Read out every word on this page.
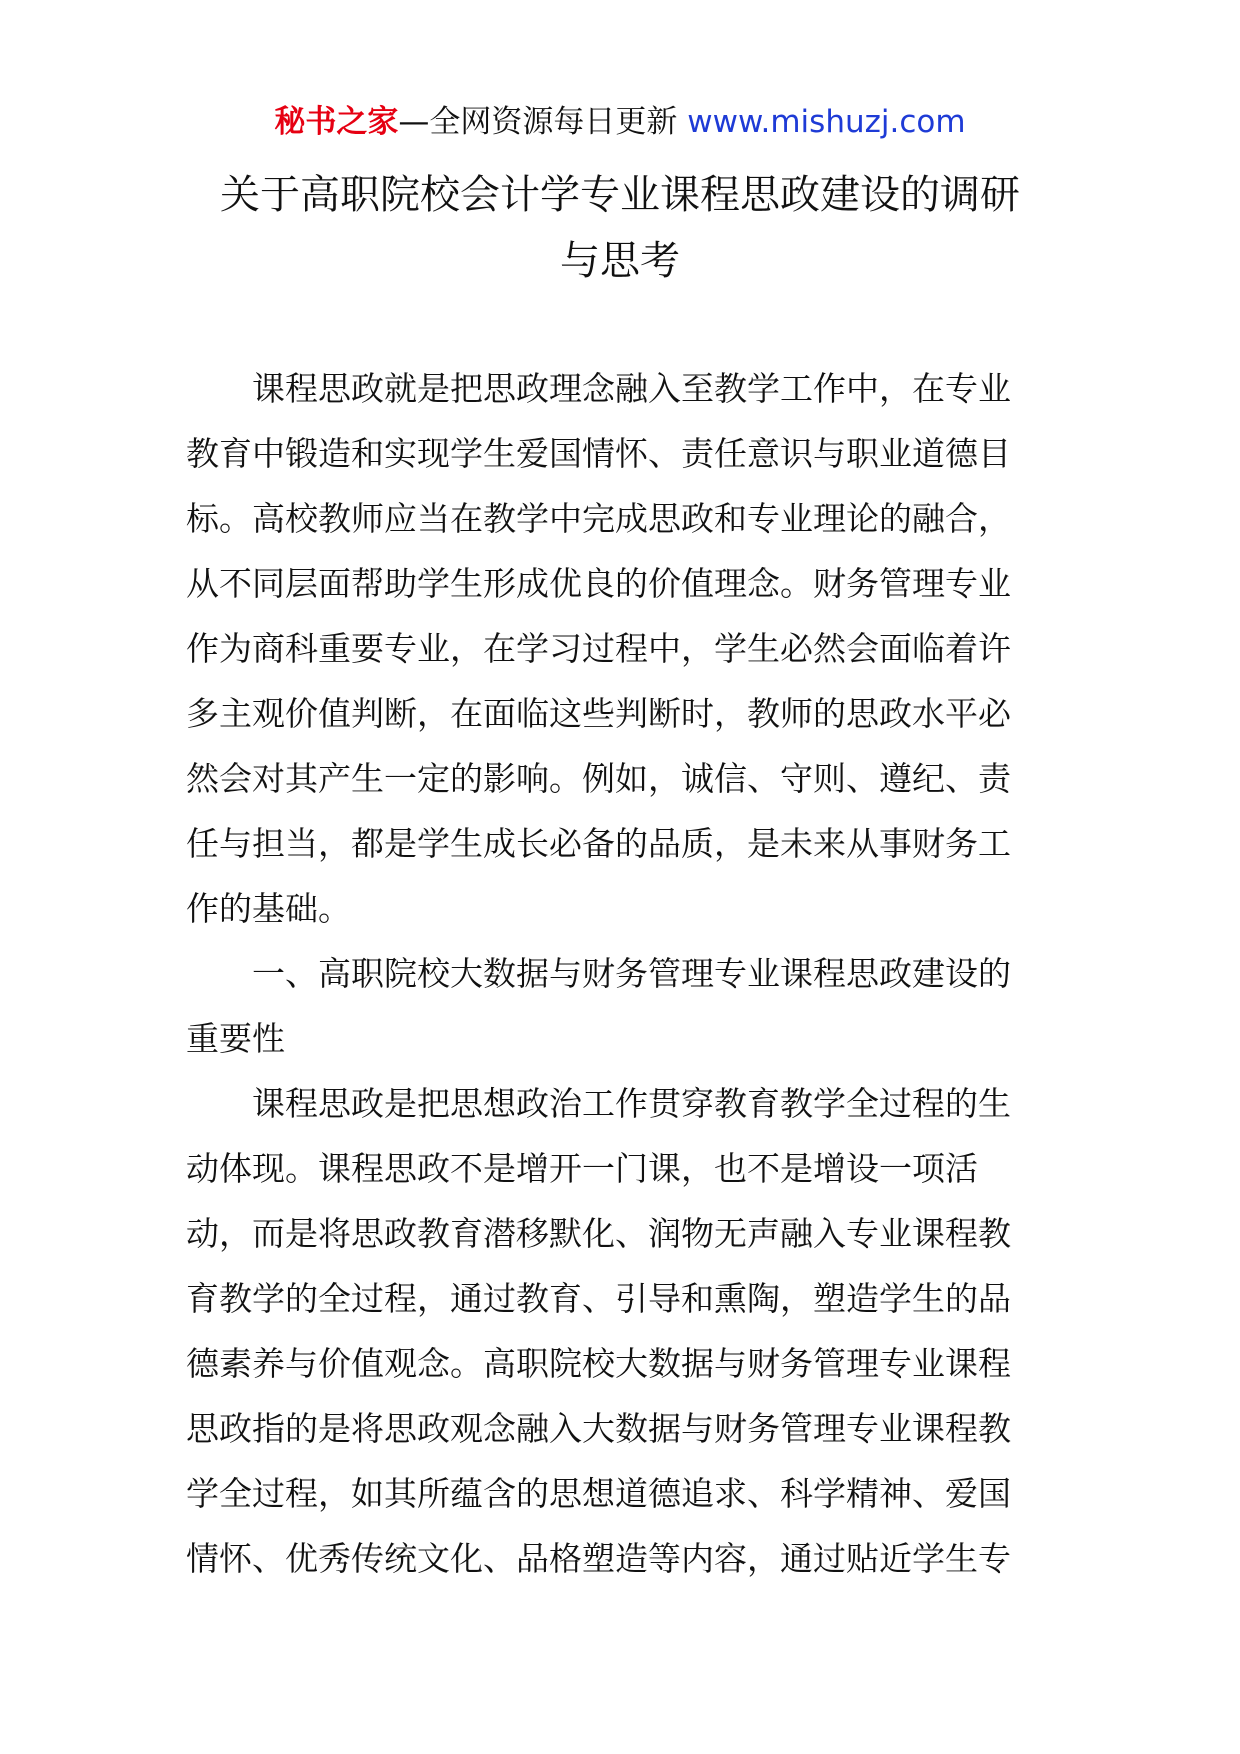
秘书之家—全网资源每日更新 www.mishuzj.com
关于高职院校会计学专业课程思政建设的调研
与思考
课程思政就是把思政理念融入至教学工作中，在专业
教育中锻造和实现学生爱国情怀、责任意识与职业道德目
标。高校教师应当在教学中完成思政和专业理论的融合，
从不同层面帮助学生形成优良的价值理念。财务管理专业
作为商科重要专业，在学习过程中，学生必然会面临着许
多主观价值判断，在面临这些判断时，教师的思政水平必
然会对其产生一定的影响。例如，诚信、守则、遵纪、责
任与担当，都是学生成长必备的品质，是未来从事财务工
作的基础。
一、高职院校大数据与财务管理专业课程思政建设的
重要性
课程思政是把思想政治工作贯穿教育教学全过程的生
动体现。课程思政不是增开一门课，也不是增设一项活
动，而是将思政教育潜移默化、润物无声融入专业课程教
育教学的全过程，通过教育、引导和熏陶，塑造学生的品
德素养与价值观念。高职院校大数据与财务管理专业课程
思政指的是将思政观念融入大数据与财务管理专业课程教
学全过程，如其所蕴含的思想道德追求、科学精神、爱国
情怀、优秀传统文化、品格塑造等内容，通过贴近学生专
